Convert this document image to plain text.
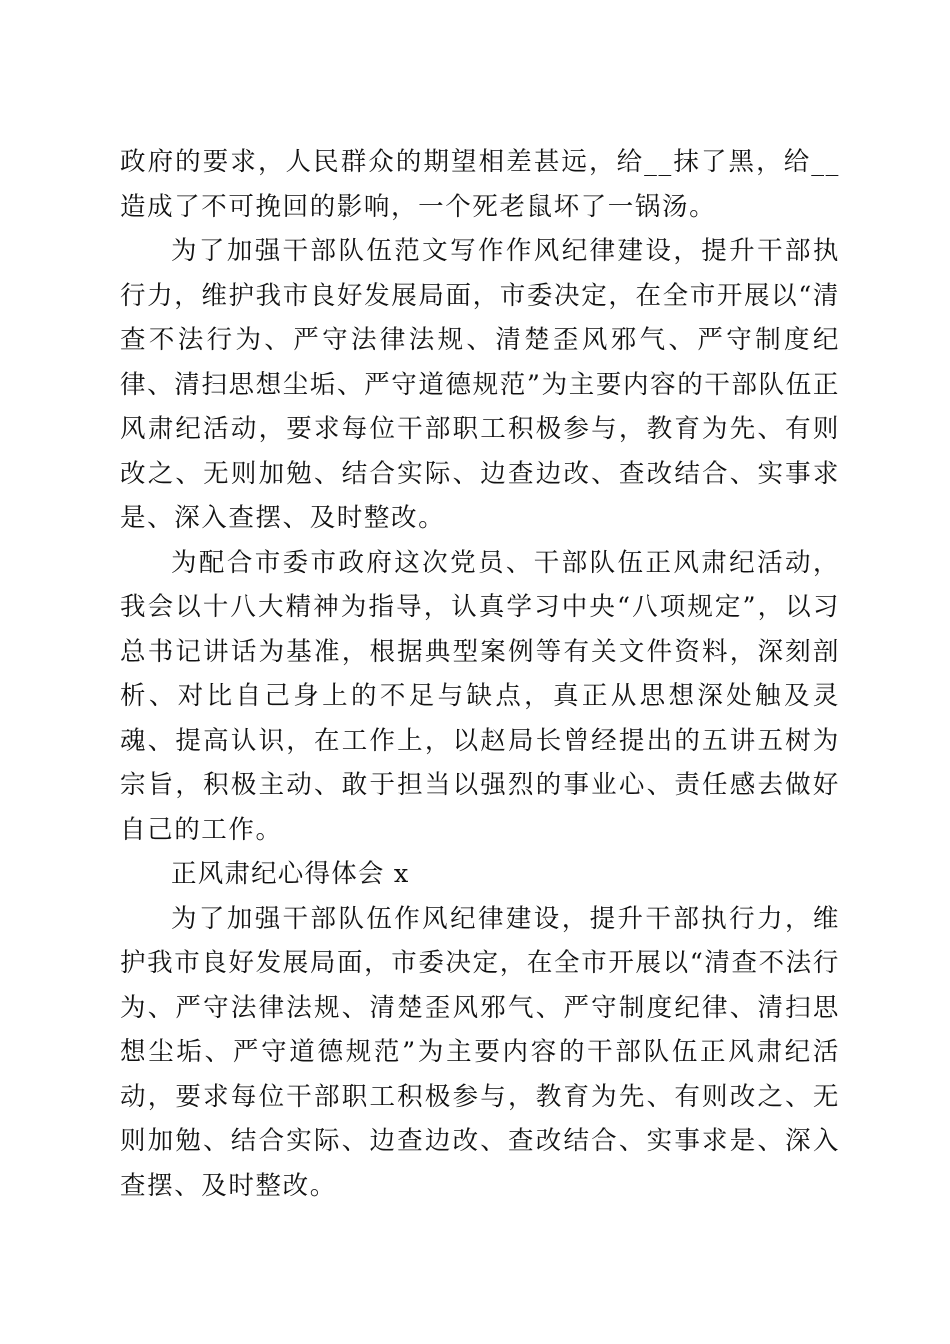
政府的要求，人民群众的期望相差甚远，给__抹了黑，给__造成了不可挽回的影响，一个死老鼠坏了一锅汤。

为了加强干部队伍范文写作作风纪律建设，提升干部执行力，维护我市良好发展局面，市委决定，在全市开展以“清查不法行为、严守法律法规、清楚歪风邪气、严守制度纪律、清扫思想尘垢、严守道德规范”为主要内容的干部队伍正风肃纪活动，要求每位干部职工积极参与，教育为先、有则改之、无则加勉、结合实际、边查边改、查改结合、实事求是、深入查摆、及时整改。

为配合市委市政府这次党员、干部队伍正风肃纪活动，我会以十八大精神为指导，认真学习中央“八项规定”，以习总书记讲话为基准，根据典型案例等有关文件资料，深刻剖析、对比自己身上的不足与缺点，真正从思想深处触及灵魂、提高认识，在工作上，以赵局长曾经提出的五讲五树为宗旨，积极主动、敢于担当以强烈的事业心、责任感去做好自己的工作。

正风肃纪心得体会 x

为了加强干部队伍作风纪律建设，提升干部执行力，维护我市良好发展局面，市委决定，在全市开展以“清查不法行为、严守法律法规、清楚歪风邪气、严守制度纪律、清扫思想尘垢、严守道德规范”为主要内容的干部队伍正风肃纪活动，要求每位干部职工积极参与，教育为先、有则改之、无则加勉、结合实际、边查边改、查改结合、实事求是、深入查摆、及时整改。
